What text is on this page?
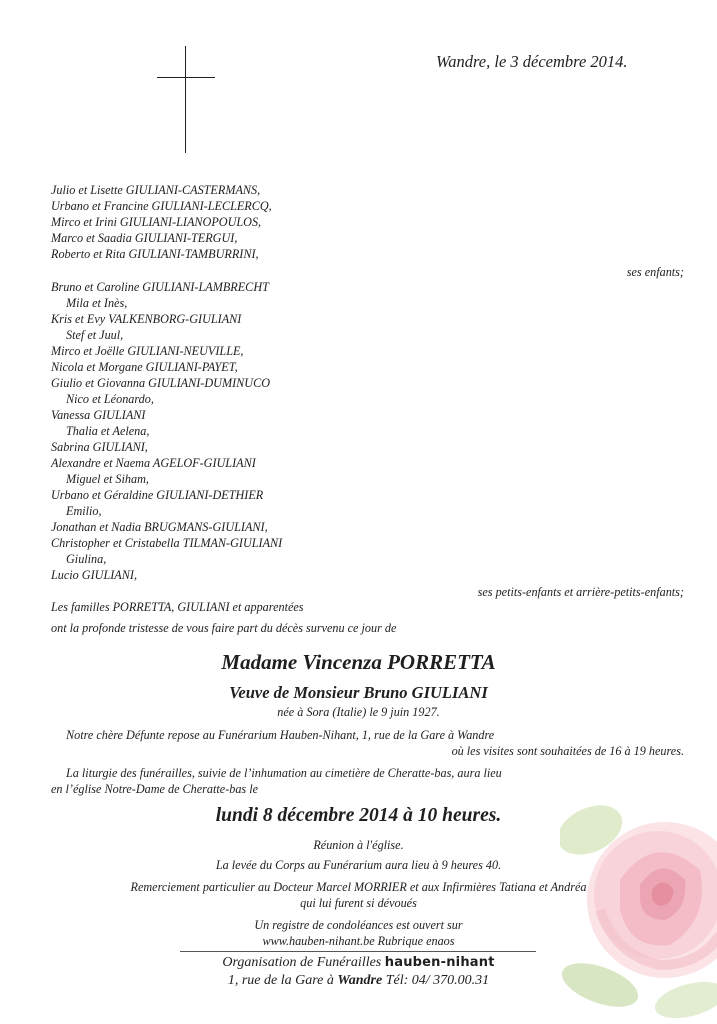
Wandre, le 3 décembre 2014.
Julio et Lisette GIULIANI-CASTERMANS,
Urbano et Francine GIULIANI-LECLERCQ,
Mirco et Irini GIULIANI-LIANOPOULOS,
Marco et Saadia GIULIANI-TERGUI,
Roberto et Rita GIULIANI-TAMBURRINI,
ses enfants;
Bruno et Caroline GIULIANI-LAMBRECHT
Mila et Inès,
Kris et Evy VALKENBORG-GIULIANI
Stef et Juul,
Mirco et Joëlle GIULIANI-NEUVILLE,
Nicola et Morgane GIULIANI-PAYET,
Giulio et Giovanna GIULIANI-DUMINUCO
Nico et Léonardo,
Vanessa GIULIANI
Thalia et Aelena,
Sabrina GIULIANI,
Alexandre et Naema AGELOF-GIULIANI
Miguel et Siham,
Urbano et Géraldine GIULIANI-DETHIER
Emilio,
Jonathan et Nadia BRUGMANS-GIULIANI,
Christopher et Cristabella TILMAN-GIULIANI
Giulina,
Lucio GIULIANI,
ses petits-enfants et arrière-petits-enfants;
Les familles PORRETTA, GIULIANI et apparentées
ont la profonde tristesse de vous faire part du décès survenu ce jour de
Madame Vincenza PORRETTA
Veuve de Monsieur Bruno GIULIANI
née à Sora (Italie) le 9 juin 1927.
Notre chère Défunte repose au Funérarium Hauben-Nihant, 1, rue de la Gare à Wandre
où les visites sont souhaitées de 16 à 19 heures.
La liturgie des funérailles, suivie de l’inhumation au cimetière de Cheratte-bas, aura lieu
en l’église Notre-Dame de Cheratte-bas le
lundi 8 décembre 2014 à 10 heures.
Réunion à l'église.
La levée du Corps au Funérarium aura lieu à 9 heures 40.
Remerciement particulier au Docteur Marcel MORRIER et aux Infirmières Tatiana et Andréa
qui lui furent si dévoués
Un registre de condoléances est ouvert sur
www.hauben-nihant.be Rubrique enaos
Organisation de Funérailles hauben-nihant
1, rue de la Gare à Wandre Tél: 04/ 370.00.31
